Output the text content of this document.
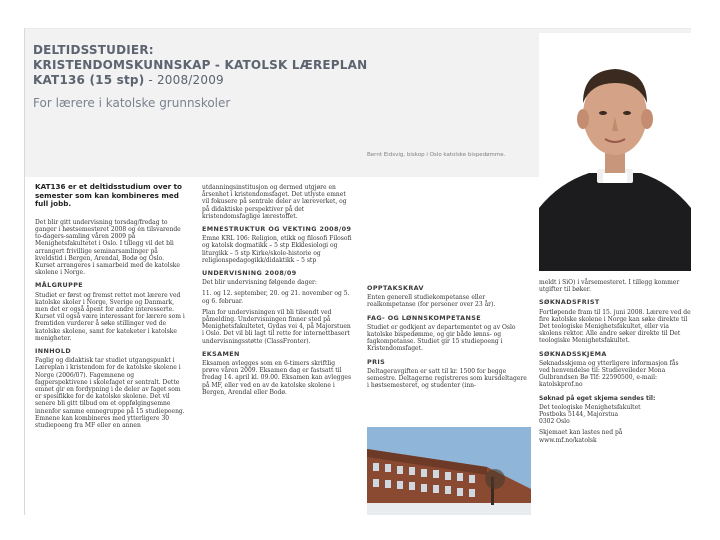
DELTIDSSTUDIER:
KRISTENDOMSKUNNSKAP - KATOLSK LÆREPLAN
KAT136 (15 stp) - 2008/2009
For lærere i katolske grunnskoler
Bernt Eidsvig, biskop i Oslo katolske bispedømme.
KAT136 er et deltidsstudium over to semester som kan kombineres med full jobb.

Det blir gitt undervisning torsdag/fredag to ganger i høstsemesteret 2008 og én tilsvarende to-dagers-samling våren 2009 på Menighetsfakultetet i Oslo. I tillegg vil det bli arrangert frivillige seminarsamlinger på kveldstid i Bergen, Arendal, Bodø og Oslo. Kurset arrangeres i samarbeid med de katolske skolene i Norge.

MÅLGRUPPE

Studiet er først og fremst rettet mot lærere ved katolske skoler i Norge, Sverige og Danmark, men det er også åpent for andre interesserte. Kurset vil også være interessant for lærere som i fremtiden vurderer å søke stillinger ved de katolske skolene, samt for kateketer i katolske menigheter.

INNHOLD

Faglig og didaktisk tar studiet utgangspunkt i Læreplan i kristendom for de katolske skolene i Norge (2006/07). Fagemnene og fagperspektivene i skolefaget er sentralt. Dette emnet gir en fordypning i de deler av faget som er spesifikke for de katolske skolene. Det vil senere bli gitt tilbud om et oppfølgingsemne innenfor samme emnegruppe på 15 studiepoeng. Emnene kan kombineres med ytterligere 30 studiepoeng fra MF eller en annen

utdanningsinstitusjon og dermed utgjøre en årsenhet i kristendomsfaget. Det utlyste emnet vil fokusere på sentrale deler av læreverket, og på didaktiske perspektiver på det kristendomsfaglige lærestoffet.

EMNESTRUKTUR OG VEKTING 2008/09

Emne KRL 106: Religion, etikk og filosofi Filosofi og katolsk dogmatikk – 5 stp Ekklesiologi og liturgikk – 5 stp Kirke/skole-historie og religionspedagogikk/didaktikk – 5 stp

UNDERVISNING 2008/09

Det blir undervisning følgende dager:

11. og 12. september, 20. og 21. november og 5. og 6. februar.

Plan for undervisningen vil bli tilsendt ved påmelding. Undervisningen finner sted på Menighetsfakultetet, Gydas vei 4, på Majorstuen i Oslo. Det vil bli lagt til rette for internettbasert undervisningsstøtte (ClassFronter).

EKSAMEN

Eksamen avlegges som en 6-timers skriftlig prøve våren 2009. Eksamen dag er fastsatt til fredag 14. april kl. 09.00. Eksamen kan avlegges på MF, eller ved en av de katolske skolene i Bergen, Arendal eller Bodø.

OPPTAKSKRAV

Enten generell studiekompetanse eller realkompetanse (for personer over 23 år).

FAG- OG LØNNSKOMPETANSE

Studiet er godkjent av departementet og av Oslo katolske bispedømme, og gir både lønns- og fagkompetanse. Studiet gir 15 studiepoeng i Kristendomsfaget.

PRIS

Deltageravgiften er satt til kr. 1500 for begge semestre. Deltagerne registreres som kursdeltagere i høstsemesteret, og studenter (inn-

meldt i SiO) i vårsemesteret. I tillegg kommer utgifter til bøker.

SØKNADSFRIST

Fortløpende fram til 15. juni 2008. Lærere ved de fire katolske skolene i Norge kan søke direkte til Det teologiske Menighetsfakultet, eller via skolens rektor. Alle andre søker direkte til Det teologiske Menighetsfakultet.

SØKNADSSKJEMA

Søknadsskjema og ytterligere informasjon fås ved henvendelse til: Studieveileder Mona Gulbrandsen Bø Tlf: 22590500, e-mail: katolskprof.no

Søknad på eget skjema sendes til:

Det teologiske Menighetsfakultet

Postboks 5144, Majorstua

0302 Oslo

Skjemaet kan lastes ned på

www.mf.no/katolsk
